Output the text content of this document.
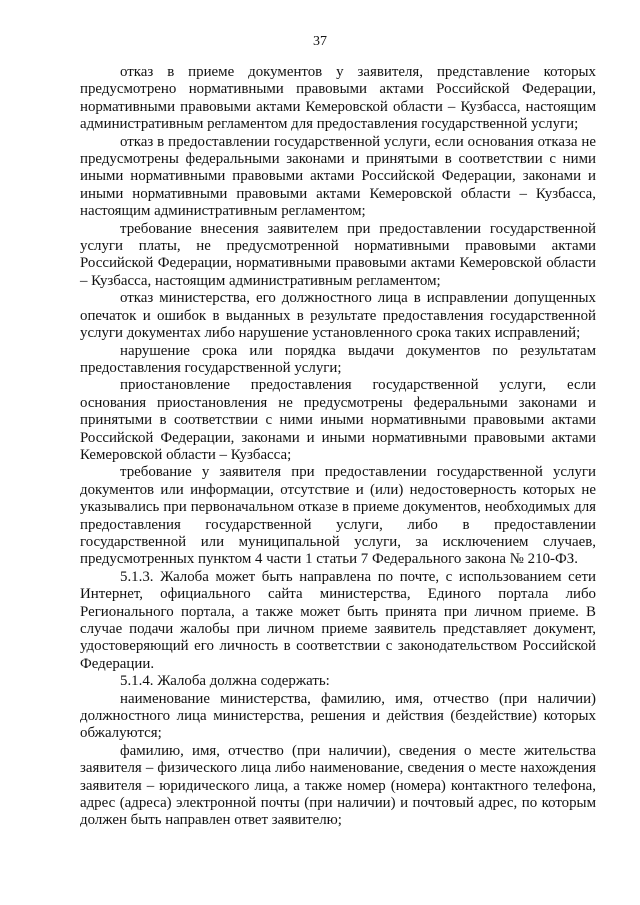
37

отказ в приеме документов у заявителя, представление которых предусмотрено нормативными правовыми актами Российской Федерации, нормативными правовыми актами Кемеровской области – Кузбасса, настоящим административным регламентом для предоставления государственной услуги;

отказ в предоставлении государственной услуги, если основания отказа не предусмотрены федеральными законами и принятыми в соответствии с ними иными нормативными правовыми актами Российской Федерации, законами и иными нормативными правовыми актами Кемеровской области – Кузбасса, настоящим административным регламентом;

требование внесения заявителем при предоставлении государственной услуги платы, не предусмотренной нормативными правовыми актами Российской Федерации, нормативными правовыми актами Кемеровской области – Кузбасса, настоящим административным регламентом;

отказ министерства, его должностного лица в исправлении допущенных опечаток и ошибок в выданных в результате предоставления государственной услуги документах либо нарушение установленного срока таких исправлений;

нарушение срока или порядка выдачи документов по результатам предоставления государственной услуги;

приостановление предоставления государственной услуги, если основания приостановления не предусмотрены федеральными законами и принятыми в соответствии с ними иными нормативными правовыми актами Российской Федерации, законами и иными нормативными правовыми актами Кемеровской области – Кузбасса;

требование у заявителя при предоставлении государственной услуги документов или информации, отсутствие и (или) недостоверность которых не указывались при первоначальном отказе в приеме документов, необходимых для предоставления государственной услуги, либо в предоставлении государственной или муниципальной услуги, за исключением случаев, предусмотренных пунктом 4 части 1 статьи 7 Федерального закона № 210-ФЗ.

5.1.3. Жалоба может быть направлена по почте, с использованием сети Интернет, официального сайта министерства, Единого портала либо Регионального портала, а также может быть принята при личном приеме. В случае подачи жалобы при личном приеме заявитель представляет документ, удостоверяющий его личность в соответствии с законодательством Российской Федерации.

5.1.4. Жалоба должна содержать:

наименование министерства, фамилию, имя, отчество (при наличии) должностного лица министерства, решения и действия (бездействие) которых обжалуются;

фамилию, имя, отчество (при наличии), сведения о месте жительства заявителя – физического лица либо наименование, сведения о месте нахождения заявителя – юридического лица, а также номер (номера) контактного телефона, адрес (адреса) электронной почты (при наличии) и почтовый адрес, по которым должен быть направлен ответ заявителю;
